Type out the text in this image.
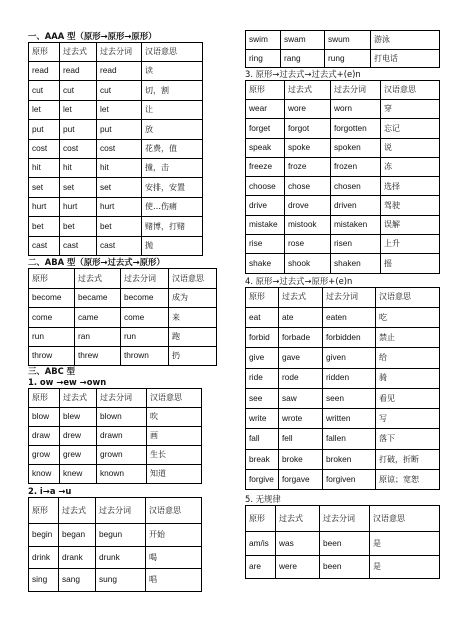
一、AAA 型（原形→原形→原形）
原形	过去式	过去分词	汉语意思
read	read	read	读
cut	cut	cut	切，割
let	let	let	让
put	put	put	放
cost	cost	cost	花费，值
hit	hit	hit	撞，击
set	set	set	安排，安置
hurt	hurt	hurt	使…伤痛
bet	bet	bet	赌博，打赌
cast	cast	cast	抛
二、ABA 型（原形→过去式→原形）
原形	过去式	过去分词	汉语意思
become	became	become	成为
come	came	come	来
run	ran	run	跑
throw	threw	thrown	扔
三、ABC 型
1. ow →ew →own
原形	过去式	过去分词	汉语意思
blow	blew	blown	吹
draw	drew	drawn	画
grow	grew	grown	生长
know	knew	known	知道
2. i→a →u
原形	过去式	过去分词	汉语意思
begin	began	begun	开始
drink	drank	drunk	喝
sing	sang	sung	唱
swim	swam	swum	游泳
ring	rang	rung	打电话
3. 原形→过去式→过去式+(e)n
原形	过去式	过去分词	汉语意思
wear	wore	worn	穿
forget	forgot	forgotten	忘记
speak	spoke	spoken	说
freeze	froze	frozen	冻
choose	chose	chosen	选择
drive	drove	driven	驾驶
mistake	mistook	mistaken	误解
rise	rose	risen	上升
shake	shook	shaken	摇
4. 原形→过去式→原形+(e)n
原形	过去式	过去分词	汉语意思
eat	ate	eaten	吃
forbid	forbade	forbidden	禁止
give	gave	given	给
ride	rode	ridden	骑
see	saw	seen	看见
write	wrote	written	写
fall	fell	fallen	落下
break	broke	broken	打破，折断
forgive	forgave	forgiven	原谅；宽恕
5. 无规律
原形	过去式	过去分词	汉语意思
am/is	was	been	是
are	were	been	是
